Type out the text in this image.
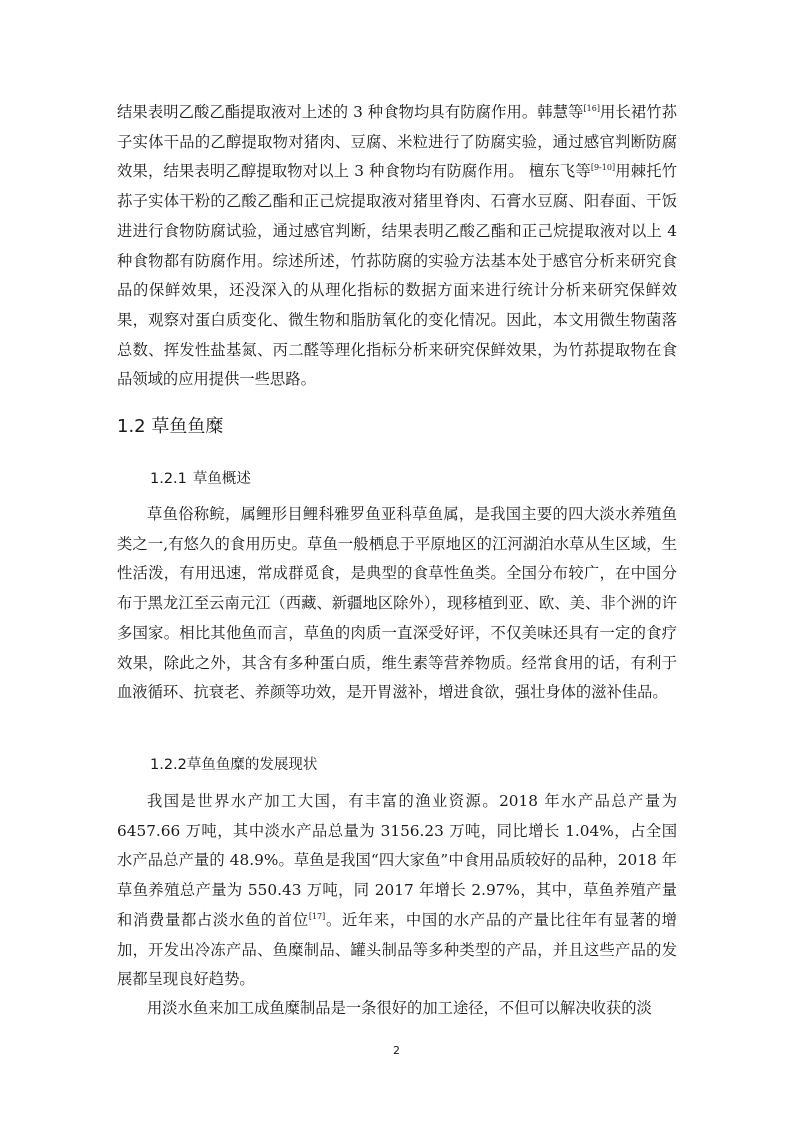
结果表明乙酸乙酯提取液对上述的 3 种食物均具有防腐作用。韩慧等[16]用长裙竹荪子实体干品的乙醇提取物对猪肉、豆腐、米粒进行了防腐实验，通过感官判断防腐效果，结果表明乙醇提取物对以上 3 种食物均有防腐作用。 檀东飞等[9-10]用棘托竹荪子实体干粉的乙酸乙酯和正己烷提取液对猪里脊肉、石膏水豆腐、阳春面、干饭进进行食物防腐试验，通过感官判断，结果表明乙酸乙酯和正己烷提取液对以上 4 种食物都有防腐作用。综述所述，竹荪防腐的实验方法基本处于感官分析来研究食品的保鲜效果，还没深入的从理化指标的数据方面来进行统计分析来研究保鲜效果，观察对蛋白质变化、微生物和脂肪氧化的变化情况。因此，本文用微生物菌落总数、挥发性盐基氮、丙二醛等理化指标分析来研究保鲜效果，为竹荪提取物在食品领域的应用提供一些思路。

1.2 草鱼鱼糜
1.2.1 草鱼概述

草鱼俗称鲩，属鲤形目鲤科雅罗鱼亚科草鱼属，是我国主要的四大淡水养殖鱼类之一,有悠久的食用历史。草鱼一般栖息于平原地区的江河湖泊水草从生区域，生性活泼，有用迅速，常成群觅食，是典型的食草性鱼类。全国分布较广，在中国分布于黑龙江至云南元江（西藏、新疆地区除外），现移植到亚、欧、美、非个洲的许多国家。相比其他鱼而言，草鱼的肉质一直深受好评，不仅美味还具有一定的食疗效果，除此之外，其含有多种蛋白质，维生素等营养物质。经常食用的话，有利于血液循环、抗衰老、养颜等功效，是开胃滋补，增进食欲，强壮身体的滋补佳品。

1.2.2草鱼鱼糜的发展现状

我国是世界水产加工大国，有丰富的渔业资源。2018 年水产品总产量为 6457.66 万吨，其中淡水产品总量为 3156.23 万吨，同比增长 1.04%，占全国水产品总产量的 48.9%。草鱼是我国“四大家鱼”中食用品质较好的品种，2018 年草鱼养殖总产量为 550.43 万吨，同 2017 年增长 2.97%，其中，草鱼养殖产量和消费量都占淡水鱼的首位[17]。近年来，中国的水产品的产量比往年有显著的增加，开发出冷冻产品、鱼糜制品、罐头制品等多种类型的产品，并且这些产品的发展都呈现良好趋势。

用淡水鱼来加工成鱼糜制品是一条很好的加工途径，不但可以解决收获的淡

2
